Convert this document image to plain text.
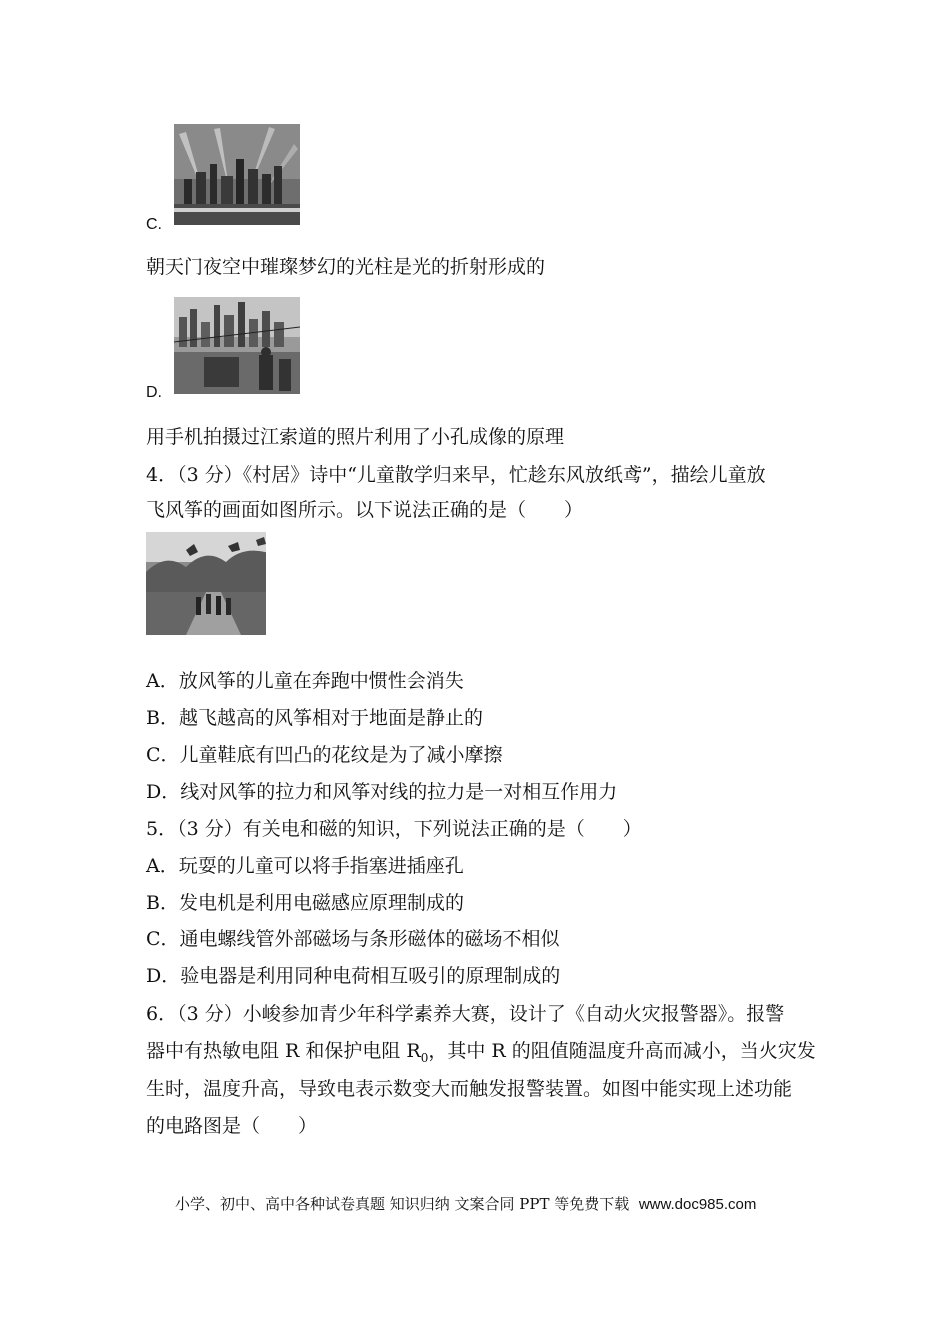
C.
朝天门夜空中璀璨梦幻的光柱是光的折射形成的
D.
用手机拍摄过江索道的照片利用了小孔成像的原理
4．（3 分）《村居》诗中“儿童散学归来早，忙趁东风放纸鸢”，描绘儿童放
飞风筝的画面如图所示。以下说法正确的是（　　）
A．放风筝的儿童在奔跑中惯性会消失
B．越飞越高的风筝相对于地面是静止的
C．儿童鞋底有凹凸的花纹是为了减小摩擦
D．线对风筝的拉力和风筝对线的拉力是一对相互作用力
5．（3 分）有关电和磁的知识，下列说法正确的是（　　）
A．玩耍的儿童可以将手指塞进插座孔
B．发电机是利用电磁感应原理制成的
C．通电螺线管外部磁场与条形磁体的磁场不相似
D．验电器是利用同种电荷相互吸引的原理制成的
6．（3 分）小峻参加青少年科学素养大赛，设计了《自动火灾报警器》。报警
器中有热敏电阻 R 和保护电阻 $R_0$，其中 R 的阻值随温度升高而减小，当火灾发
生时，温度升高，导致电表示数变大而触发报警装置。如图中能实现上述功能
的电路图是（　　）
小学、初中、高中各种试卷真题 知识归纳 文案合同 PPT 等免费下载 www.doc985.com
